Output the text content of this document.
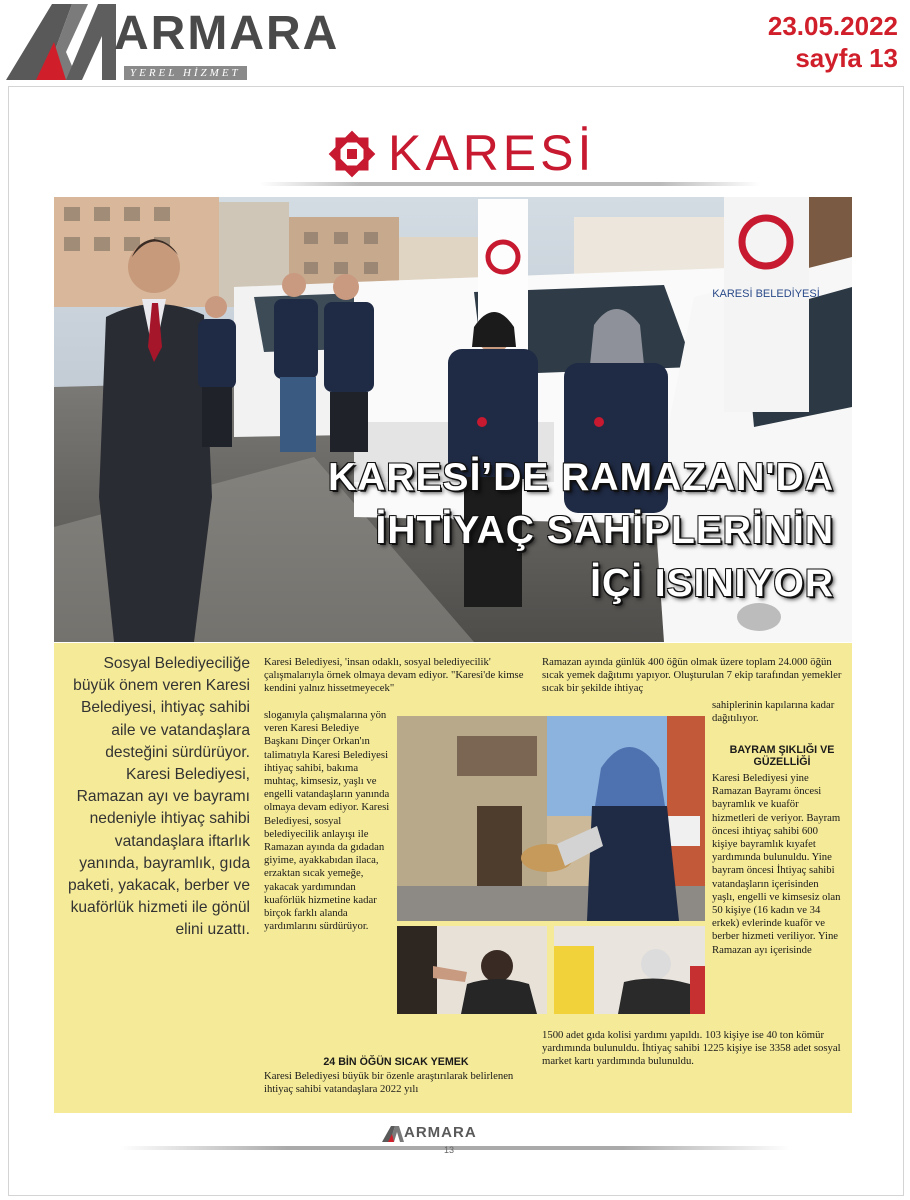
ARMARA
YEREL HİZMET
23.05.2022
sayfa 13
KARESİ
KARESİ BELEDİYESİ
KARESİ’DE RAMAZAN'DA
İHTİYAÇ SAHİPLERİNİN
İÇİ ISINIYOR
Sosyal Belediyeciliğe büyük önem veren Karesi Belediyesi, ihtiyaç sahibi aile ve vatandaşlara desteğini sürdürüyor. Karesi Belediyesi, Ramazan ayı ve bayramı nedeniyle ihtiyaç sahibi vatandaşlara iftarlık yanında, bayramlık, gıda paketi, yakacak, berber ve kuaförlük hizmeti ile gönül elini uzattı.
Karesi Belediyesi, 'insan odaklı, sosyal belediyecilik' çalışmalarıyla örnek olmaya devam ediyor. "Karesi'de kimse kendini yalnız hissetmeyecek"
sloganıyla çalışmalarına yön veren Karesi Belediye Başkanı Dinçer Orkan'ın talimatıyla Karesi Belediyesi ihtiyaç sahibi, bakıma muhtaç, kimsesiz, yaşlı ve engelli vatandaşların yanında olmaya devam ediyor. Karesi Belediyesi, sosyal belediyecilik anlayışı ile Ramazan ayında da gıdadan giyime, ayakkabıdan ilaca, erzaktan sıcak yemeğe, yakacak yardımından kuaförlük hizmetine kadar birçok farklı alanda yardımlarını sürdürüyor.
24 BİN ÖĞÜN SICAK YEMEK
Karesi Belediyesi büyük bir özenle araştırılarak belirlenen ihtiyaç sahibi vatandaşlara 2022 yılı
Ramazan ayında günlük 400 öğün olmak üzere toplam 24.000 öğün sıcak yemek dağıtımı yapıyor. Oluşturulan 7 ekip tarafından yemekler sıcak bir şekilde ihtiyaç
sahiplerinin kapılarına kadar dağıtılıyor.
BAYRAM ŞIKLIĞI VE GÜZELLİĞİ
Karesi Belediyesi yine Ramazan Bayramı öncesi bayramlık ve kuaför hizmetleri de veriyor. Bayram öncesi ihtiyaç sahibi 600 kişiye bayramlık kıyafet yardımında bulunuldu. Yine bayram öncesi İhtiyaç sahibi vatandaşların içerisinden yaşlı, engelli ve kimsesiz olan 50 kişiye (16 kadın ve 34 erkek) evlerinde kuaför ve berber hizmeti veriliyor. Yine Ramazan ayı içerisinde
1500 adet gıda kolisi yardımı yapıldı. 103 kişiye ise 40 ton kömür yardımında bulunuldu. İhtiyaç sahibi 1225 kişiye ise 3358 adet sosyal market kartı yardımında bulunuldu.
ARMARA
13
